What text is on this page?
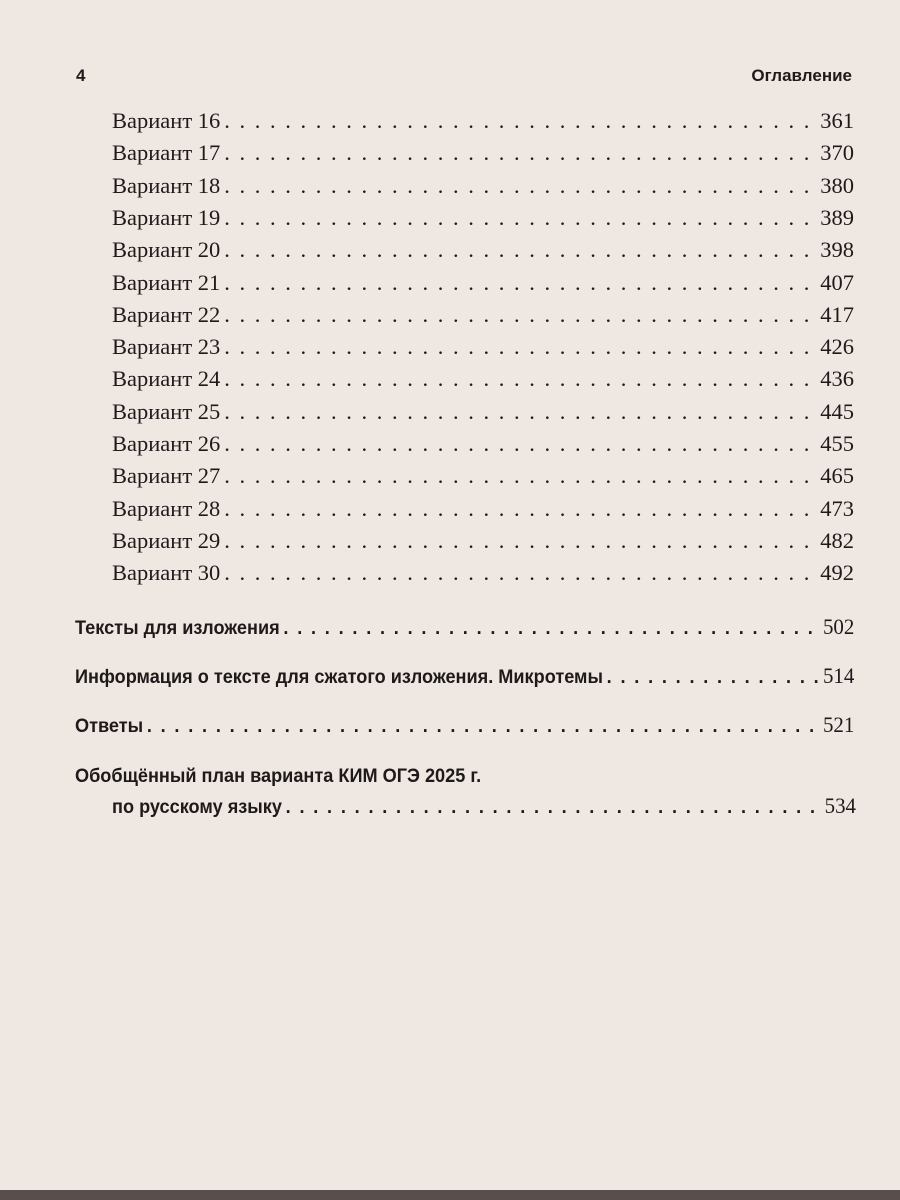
4	Оглавление
Вариант 16 . . .	361
Вариант 17 . . .	370
Вариант 18 . . .	380
Вариант 19 . . .	389
Вариант 20 . . .	398
Вариант 21 . . .	407
Вариант 22 . . .	417
Вариант 23 . . .	426
Вариант 24 . . .	436
Вариант 25 . . .	445
Вариант 26 . . .	455
Вариант 27 . . .	465
Вариант 28 . . .	473
Вариант 29 . . .	482
Вариант 30 . . .	492
Тексты для изложения . . .	502
Информация о тексте для сжатого изложения. Микротемы . . .	514
Ответы . . .	521
Обобщённый план варианта КИМ ОГЭ 2025 г.
по русскому языку . . .	534
